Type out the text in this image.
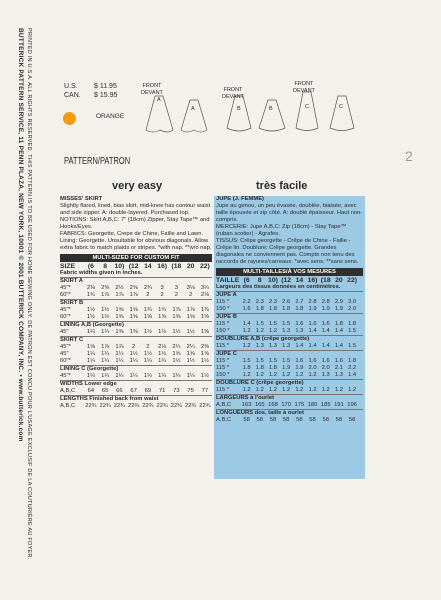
PRINTED IN U.S.A. ALL RIGHTS RESERVED. THIS PATTERN IS TO BE USED FOR HOME SEWING ONLY. DE PATRON EST CONCU POUR L'USAGE EXCLUSIF DE LA COUTURIÈRE AU FOYER.
BUTTERICK PATTERN SERVICE, 11 PENN PLAZA, NEW YORK, 10001 © 2001 BUTTERICK COMPANY, INC. • www.butterick.com	U.S. $ 11.95
CAN. $ 15.95
ORANGE
FRONT
DEVANT
A
A
FRONT
DEVANT
B	B
FRONT
DEVANT
C	C
2
PATTERN/PATRON
very easy	très facile
MISSES' SKIRT
Slightly flared, lined, bias skirt, mid-knee has contour waist and side zipper. A: double-layered. Purchased top.
NOTIONS: Skirt A,B,C: 7" (18cm) Zipper, Stay Tape™ and Hooks/Eyes.
FABRICS: Georgette, Crepe de Chine, Faille and Lawn. Lining: Georgette. Unsuitable for obvious diagonals. Allow extra fabric to match plaids or stripes. *with nap. **w/o nap.
MULTI-SIZED FOR CUSTOM FIT
SIZE	(6	8	10) (12 14 16) (18 20 22)
Fabric widths given in inches.
SKIRT A
45"*	2⅜	2⅜	2½	2⅝	2¾	3	3	3⅛	3¼
60"*	1¾	1⅞	1⅞	1⅞	2	2	2	2	2⅛
SKIRT B
45"*	1½	1½	1⅝	1⅝	1¾	1¾	1⅞	1⅞	1⅞
60"*	1½	1½	1⅝	1⅝	1⅝	1⅝	1⅝	1⅝	1⅝
LINING A,B (Georgette)
45"	1¼	1¼	1⅜	1⅜	1½	1½	1½	1½	1⅝
SKIRT C
45"*	1⅝	1⅞	1⅞	2	2	2⅛	2¼	2¼	2⅜
45"	1¼	1¼	1¼	1½	1½	1½	1⅝	1⅝	1⅝
60"*	1¼	1¼	1¼	1¼	1¼	1¼	1½	1½	1½
LINING C (Georgette)
45"*	1¼	1¼	1¼	1¼	1¼	1¼	1¼	1¼	1½
WIDTHS Lower edge
A,B,C	64	65	66	67	69	71	73	75	77
LENGTHS Finished back from waist
A,B,C	22¾ 22¾ 22¾ 22¾ 22¾ 22¾ 22¾ 22¾ 22¾
JUPE (J. FEMME)
Jupe au genou, un peu évasée, doublée, biaisée, avec taille épousée et zip côté. A: doublé épaisseur. Haut non-compris.
MERCERIE: Jupe A,B,C: Zip (18cm) - Stay Tape™ (ruban scotier) - Agrafes.
TISSUS: Crêpe georgette - Crêpe de Chine - Faille - Crêpe lin. Doublure: Crêpe georgette. Grandes diagonales ne conviennent pas. Compte non tenu des raccords de rayures/carreaux. *avec sens. **sans sens.
MULTI-TAILLES/À VOS MESURES
TAILLE (6	8 10) (12 14 16) (18 20 22)
Largeurs des tissus données en centimètres.
JUPE A
115 *	2.2 2.3 2.3 2.6 2.7 2.8 2.8 2.9 3.0
150 *	1.6 1.8 1.8 1.8 1.8 1.9 1.9 1.9 2.0
JUPE B
115 *	1.4 1.5 1.5 1.5 1.6 1.6 1.6 1.8 1.8
150 *	1.2 1.2 1.2 1.3 1.3 1.4 1.4 1.4 1.5
DOUBLURE A,B (crêpe georgette)
115 *	1.2 1.3 1.3 1.3 1.4 1.4 1.4 1.4 1.5
JUPE C
115 *	1.5 1.5 1.5 1.5 1.6 1.6 1.6 1.6 1.8
115 *	1.8 1.8 1.8 1.9 1.9 2.0 2.0 2.1 2.2
150 *	1.2 1.2 1.2 1.2 1.2 1.2 1.3 1.3 1.4
DOUBLURE C (crêpe georgette)
115 *	1.2 1.2 1.2 1.2 1.2 1.2 1.2 1.2 1.2
LARGEURS à l'ourlet
A,B,C	163 165 168 170 175 180 185 191 196
LONGUEURS dos, taille à ourlet
A,B,C	58	58	58	58	58	58	58	58	58
